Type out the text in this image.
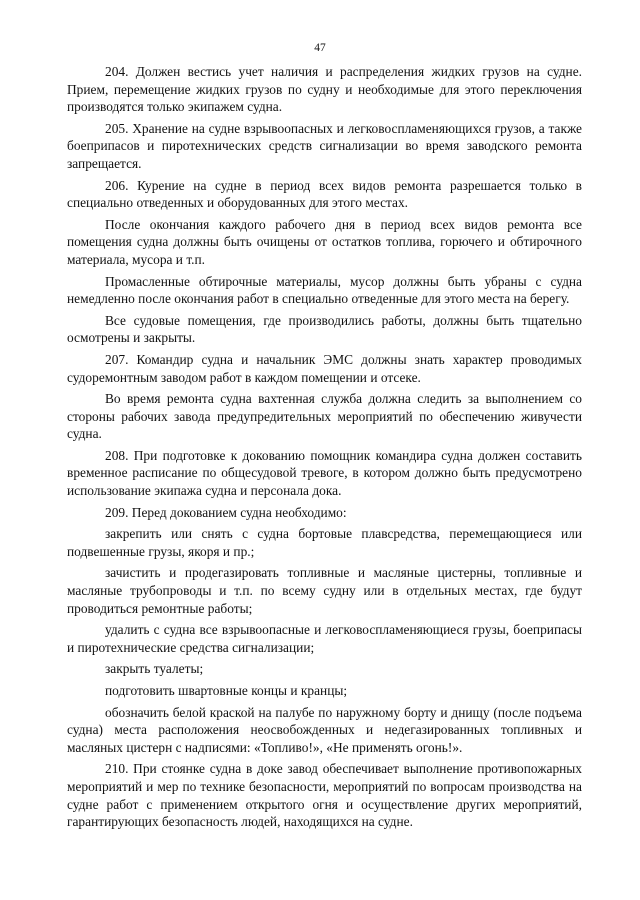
47

204. Должен вестись учет наличия и распределения жидких грузов на судне. Прием, перемещение жидких грузов по судну и необходимые для этого переключения производятся только экипажем судна.

205. Хранение на судне взрывоопасных и легковоспламеняющихся грузов, а также боеприпасов и пиротехнических средств сигнализации во время заводского ремонта запрещается.

206. Курение на судне в период всех видов ремонта разрешается только в специально отведенных и оборудованных для этого местах.

После окончания каждого рабочего дня в период всех видов ремонта все помещения судна должны быть очищены от остатков топлива, горючего и обтирочного материала, мусора и т.п.

Промасленные обтирочные материалы, мусор должны быть убраны с судна немедленно после окончания работ в специально отведенные для этого места на берегу.

Все судовые помещения, где производились работы, должны быть тщательно осмотрены и закрыты.

207. Командир судна и начальник ЭМС должны знать характер проводимых судоремонтным заводом работ в каждом помещении и отсеке.

Во время ремонта судна вахтенная служба должна следить за выполнением со стороны рабочих завода предупредительных мероприятий по обеспечению живучести судна.

208. При подготовке к докованию помощник командира судна должен составить временное расписание по общесудовой тревоге, в котором должно быть предусмотрено использование экипажа судна и персонала дока.

209. Перед докованием судна необходимо:

закрепить или снять с судна бортовые плавсредства, перемещающиеся или подвешенные грузы, якоря и пр.;

зачистить и продегазировать топливные и масляные цистерны, топливные и масляные трубопроводы и т.п. по всему судну или в отдельных местах, где будут проводиться ремонтные работы;

удалить с судна все взрывоопасные и легковоспламеняющиеся грузы, боеприпасы и пиротехнические средства сигнализации;

закрыть туалеты;

подготовить швартовные концы и кранцы;

обозначить белой краской на палубе по наружному борту и днищу (после подъема судна) места расположения неосвобожденных и недегазированных топливных и масляных цистерн с надписями: «Топливо!», «Не применять огонь!».

210. При стоянке судна в доке завод обеспечивает выполнение противопожарных мероприятий и мер по технике безопасности, мероприятий по вопросам производства на судне работ с применением открытого огня и осуществление других мероприятий, гарантирующих безопасность людей, находящихся на судне.
